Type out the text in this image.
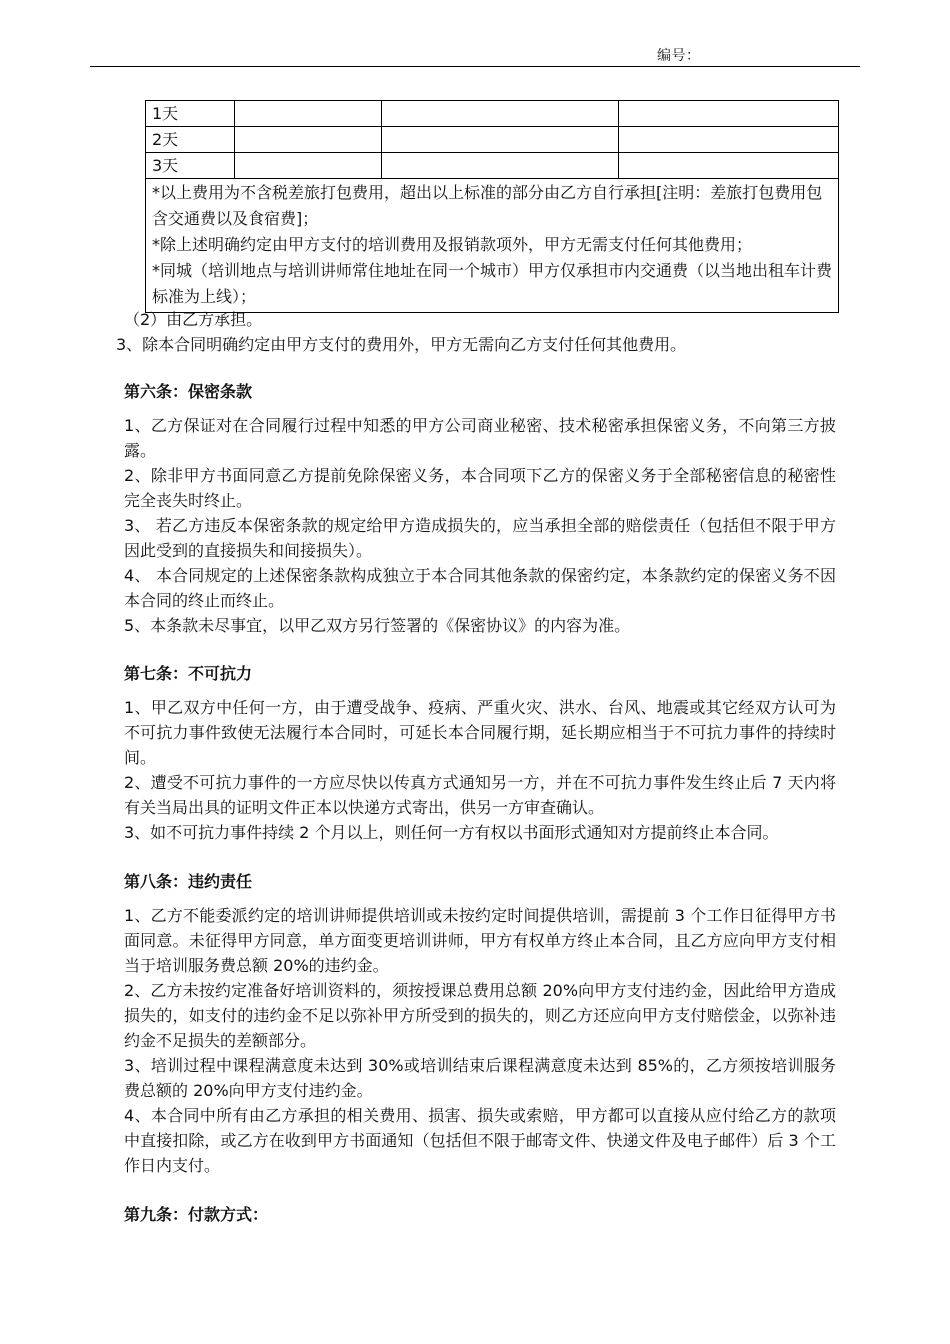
编号：
1天			
2天			
3天			

*以上费用为不含税差旅打包费用，超出以上标准的部分由乙方自行承担[注明：差旅打包费用包含交通费以及食宿费]；
*除上述明确约定由甲方支付的培训费用及报销款项外，甲方无需支付任何其他费用；
*同城（培训地点与培训讲师常住地址在同一个城市）甲方仅承担市内交通费（以当地出租车计费标准为上线）；			
（2）由乙方承担。
3、除本合同明确约定由甲方支付的费用外，甲方无需向乙方支付任何其他费用。
第六条：保密条款
1、乙方保证对在合同履行过程中知悉的甲方公司商业秘密、技术秘密承担保密义务，不向第三方披露。
2、除非甲方书面同意乙方提前免除保密义务，本合同项下乙方的保密义务于全部秘密信息的秘密性完全丧失时终止。
3、 若乙方违反本保密条款的规定给甲方造成损失的，应当承担全部的赔偿责任（包括但不限于甲方因此受到的直接损失和间接损失）。
4、 本合同规定的上述保密条款构成独立于本合同其他条款的保密约定，本条款约定的保密义务不因本合同的终止而终止。
5、本条款未尽事宜，以甲乙双方另行签署的《保密协议》的内容为准。
第七条：不可抗力
1、甲乙双方中任何一方，由于遭受战争、疫病、严重火灾、洪水、台风、地震或其它经双方认可为不可抗力事件致使无法履行本合同时，可延长本合同履行期，延长期应相当于不可抗力事件的持续时间。
2、遭受不可抗力事件的一方应尽快以传真方式通知另一方，并在不可抗力事件发生终止后 7 天内将有关当局出具的证明文件正本以快递方式寄出，供另一方审查确认。
3、如不可抗力事件持续 2 个月以上，则任何一方有权以书面形式通知对方提前终止本合同。
第八条：违约责任
1、乙方不能委派约定的培训讲师提供培训或未按约定时间提供培训，需提前 3 个工作日征得甲方书面同意。未征得甲方同意，单方面变更培训讲师，甲方有权单方终止本合同，且乙方应向甲方支付相当于培训服务费总额 20%的违约金。
2、乙方未按约定准备好培训资料的，须按授课总费用总额 20%向甲方支付违约金，因此给甲方造成损失的，如支付的违约金不足以弥补甲方所受到的损失的，则乙方还应向甲方支付赔偿金，以弥补违约金不足损失的差额部分。
3、培训过程中课程满意度未达到 30%或培训结束后课程满意度未达到 85%的，乙方须按培训服务费总额的 20%向甲方支付违约金。
4、本合同中所有由乙方承担的相关费用、损害、损失或索赔，甲方都可以直接从应付给乙方的款项中直接扣除，或乙方在收到甲方书面通知（包括但不限于邮寄文件、快递文件及电子邮件）后 3 个工作日内支付。
第九条：付款方式：
